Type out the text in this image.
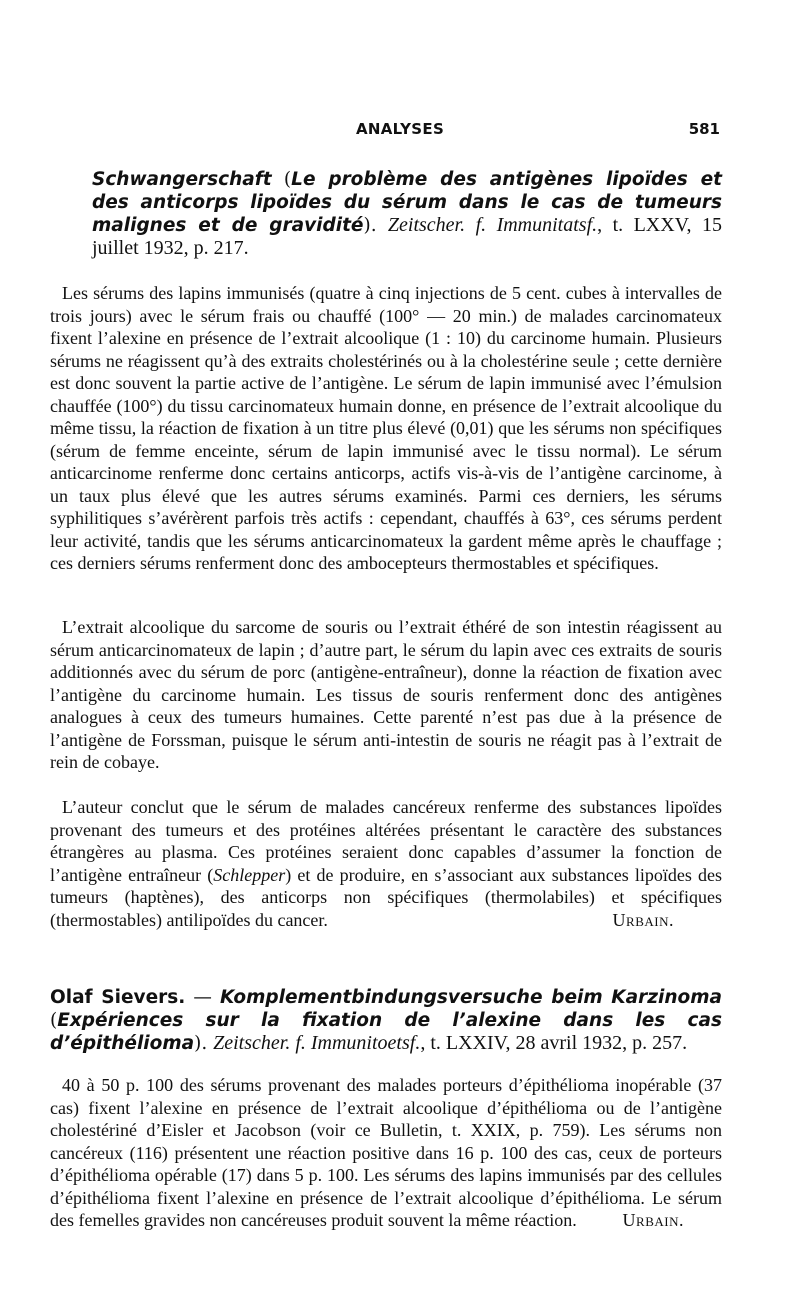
ANALYSES	581
Schwangerschaft (Le problème des antigènes lipoïdes et des anticorps lipoïdes du sérum dans le cas de tumeurs malignes et de gravidité). Zeitscher. f. Immunitatsf., t. LXXV, 15 juillet 1932, p. 217.

Les sérums des lapins immunisés (quatre à cinq injections de 5 cent. cubes à intervalles de trois jours) avec le sérum frais ou chauffé (100° — 20 min.) de malades carcinomateux fixent l’alexine en présence de l’extrait alcoolique (1 : 10) du carcinome humain. Plusieurs sérums ne réagissent qu’à des extraits cholestérinés ou à la cholestérine seule ; cette dernière est donc souvent la partie active de l’antigène. Le sérum de lapin immunisé avec l’émulsion chauffée (100°) du tissu carcinomateux humain donne, en présence de l’extrait alcoolique du même tissu, la réaction de fixation à un titre plus élevé (0,01) que les sérums non spécifiques (sérum de femme enceinte, sérum de lapin immunisé avec le tissu normal). Le sérum anticarcinome renferme donc certains anticorps, actifs vis-à-vis de l’antigène carcinome, à un taux plus élevé que les autres sérums examinés. Parmi ces derniers, les sérums syphilitiques s’avérèrent parfois très actifs : cependant, chauffés à 63°, ces sérums perdent leur activité, tandis que les sérums anticarcinomateux la gardent même après le chauffage ; ces derniers sérums renferment donc des ambocepteurs thermostables et spécifiques.

L’extrait alcoolique du sarcome de souris ou l’extrait éthéré de son intestin réagissent au sérum anticarcinomateux de lapin ; d’autre part, le sérum du lapin avec ces extraits de souris additionnés avec du sérum de porc (antigène-entraîneur), donne la réaction de fixation avec l’antigène du carcinome humain. Les tissus de souris renferment donc des antigènes analogues à ceux des tumeurs humaines. Cette parenté n’est pas due à la présence de l’antigène de Forssman, puisque le sérum anti-intestin de souris ne réagit pas à l’extrait de rein de cobaye.

L’auteur conclut que le sérum de malades cancéreux renferme des substances lipoïdes provenant des tumeurs et des protéines altérées présentant le caractère des substances étrangères au plasma. Ces protéines seraient donc capables d’assumer la fonction de l’antigène entraîneur (Schlepper) et de produire, en s’associant aux substances lipoïdes des tumeurs (haptènes), des anticorps non spécifiques (thermolabiles) et spécifiques (thermostables) antilipoïdes du cancer.	Urbain.

Olaf Sievers. — Komplementbindungsversuche beim Karzinoma (Expériences sur la fixation de l’alexine dans les cas d’épithélioma). Zeitscher. f. Immunitoetsf., t. LXXIV, 28 avril 1932, p. 257.

40 à 50 p. 100 des sérums provenant des malades porteurs d’épithélioma inopérable (37 cas) fixent l’alexine en présence de l’extrait alcoolique d’épithélioma ou de l’antigène cholestériné d’Eisler et Jacobson (voir ce Bulletin, t. XXIX, p. 759). Les sérums non cancéreux (116) présentent une réaction positive dans 16 p. 100 des cas, ceux de porteurs d’épithélioma opérable (17) dans 5 p. 100. Les sérums des lapins immunisés par des cellules d’épithélioma fixent l’alexine en présence de l’extrait alcoolique d’épithélioma. Le sérum des femelles gravides non cancéreuses produit souvent la même réaction.	Urbain.
